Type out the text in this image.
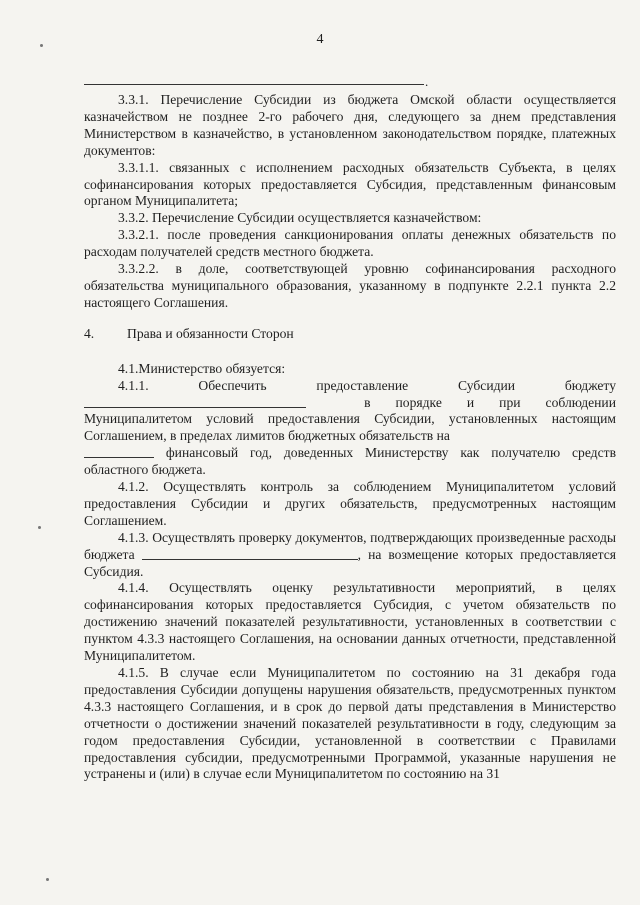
4
.

3.3.1. Перечисление Субсидии из бюджета Омской области осуществляется казначейством не позднее 2-го рабочего дня, следующего за днем представления Министерством в казначейство, в установленном законодательством порядке, платежных документов:

3.3.1.1. связанных с исполнением расходных обязательств Субъекта, в целях софинансирования которых предоставляется Субсидия, представленным финансовым органом Муниципалитета;

3.3.2. Перечисление Субсидии осуществляется казначейством:

3.3.2.1. после проведения санкционирования оплаты денежных обязательств по расходам получателей средств местного бюджета.

3.3.2.2. в доле, соответствующей уровню софинансирования расходного обязательства муниципального образования, указанному в подпункте 2.2.1 пункта 2.2 настоящего Соглашения.

4. Права и обязанности Сторон

4.1.Министерство обязуется:

4.1.1. Обеспечить предоставление Субсидии бюджету

в порядке и при соблюдении

Муниципалитетом условий предоставления Субсидии, установленных настоящим Соглашением, в пределах лимитов бюджетных обязательств на

финансовый год, доведенных Министерству как получателю средств областного бюджета.

4.1.2. Осуществлять контроль за соблюдением Муниципалитетом условий предоставления Субсидии и других обязательств, предусмотренных настоящим Соглашением.

4.1.3. Осуществлять проверку документов, подтверждающих произведенные расходы бюджета	, на возмещение которых предоставляется Субсидия.

4.1.4. Осуществлять оценку результативности мероприятий, в целях софинансирования которых предоставляется Субсидия, с учетом обязательств по достижению значений показателей результативности, установленных в соответствии с пунктом 4.3.3 настоящего Соглашения, на основании данных отчетности, представленной Муниципалитетом.

4.1.5. В случае если Муниципалитетом по состоянию на 31 декабря года предоставления Субсидии допущены нарушения обязательств, предусмотренных пунктом 4.3.3 настоящего Соглашения, и в срок до первой даты представления в Министерство отчетности о достижении значений показателей результативности в году, следующим за годом предоставления Субсидии, установленной в соответствии с Правилами предоставления субсидии, предусмотренными Программой, указанные нарушения не устранены и (или) в случае если Муниципалитетом по состоянию на 31
